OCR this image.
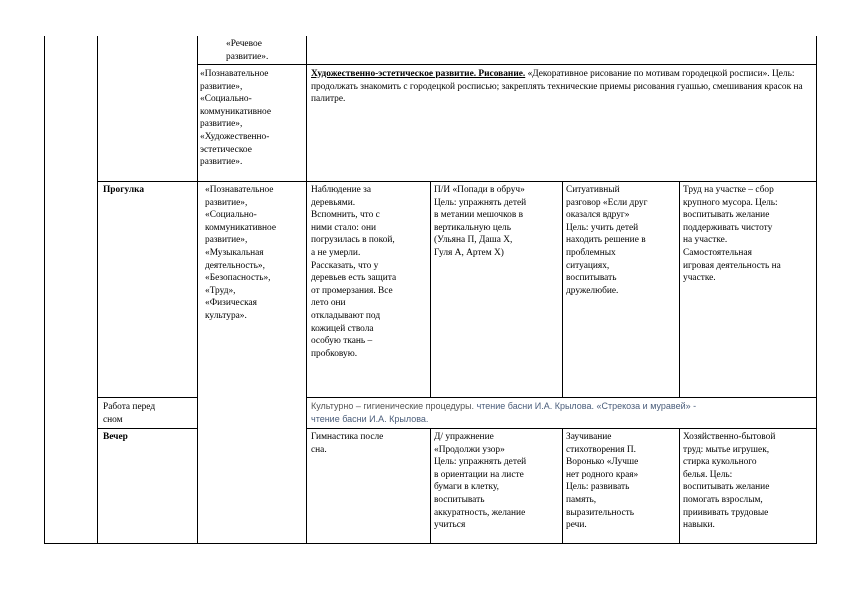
«Речевое
развитие».
«Познавательное
развитие»,
«Социально-
коммуникативное
развитие»,
«Художественно-
эстетическое
развитие».
Художественно-эстетическое развитие. Рисование. «Декоративное рисование по мотивам городецкой росписи». Цель: продолжать знакомить с городецкой росписью; закреплять технические приемы рисования гуашью, смешивания красок на палитре.
Прогулка	«Познавательное
развитие»,
«Социально-
коммуникативное
развитие»,
«Музыкальная
деятельность»,
«Безопасность»,
«Труд»,
«Физическая
культура».
Наблюдение за
деревьями.
Вспомнить, что с
ними стало: они
погрузилась в покой,
а не умерли.
Рассказать, что у
деревьев есть защита
от промерзания. Все
лето они
откладывают под
кожицей ствола
особую ткань –
пробковую.
П/И «Попади в обруч»
Цель: упражнять детей
в метании мешочков в
вертикальную цель
(Ульяна П, Даша Х,
Гуля А, Артем Х)
Ситуативный
разговор «Если друг
оказался вдруг»
Цель: учить детей
находить решение в
проблемных
ситуациях,
воспитывать
дружелюбие.
Труд на участке – сбор
крупного мусора. Цель:
воспитывать желание
поддерживать чистоту
на участке.
Самостоятельная
игровая деятельность на
участке.
Работа перед
сном
Культурно – гигиенические процедуры. чтение басни И.А. Крылова. «Стрекоза и муравей» -
чтение басни И.А. Крылова.
Вечер	Гимнастика после
сна.
Д/ упражнение
«Продолжи узор»
Цель: упражнять детей
в ориентации на листе
бумаги в клетку,
воспитывать
аккуратность, желание
учиться
Заучивание
стихотворения П.
Воронько «Лучше
нет родного края»
Цель: развивать
память,
выразительность
речи.
Хозяйственно-бытовой
труд: мытье игрушек,
стирка кукольного
белья. Цель:
воспитывать желание
помогать взрослым,
приививать трудовые
навыки.
